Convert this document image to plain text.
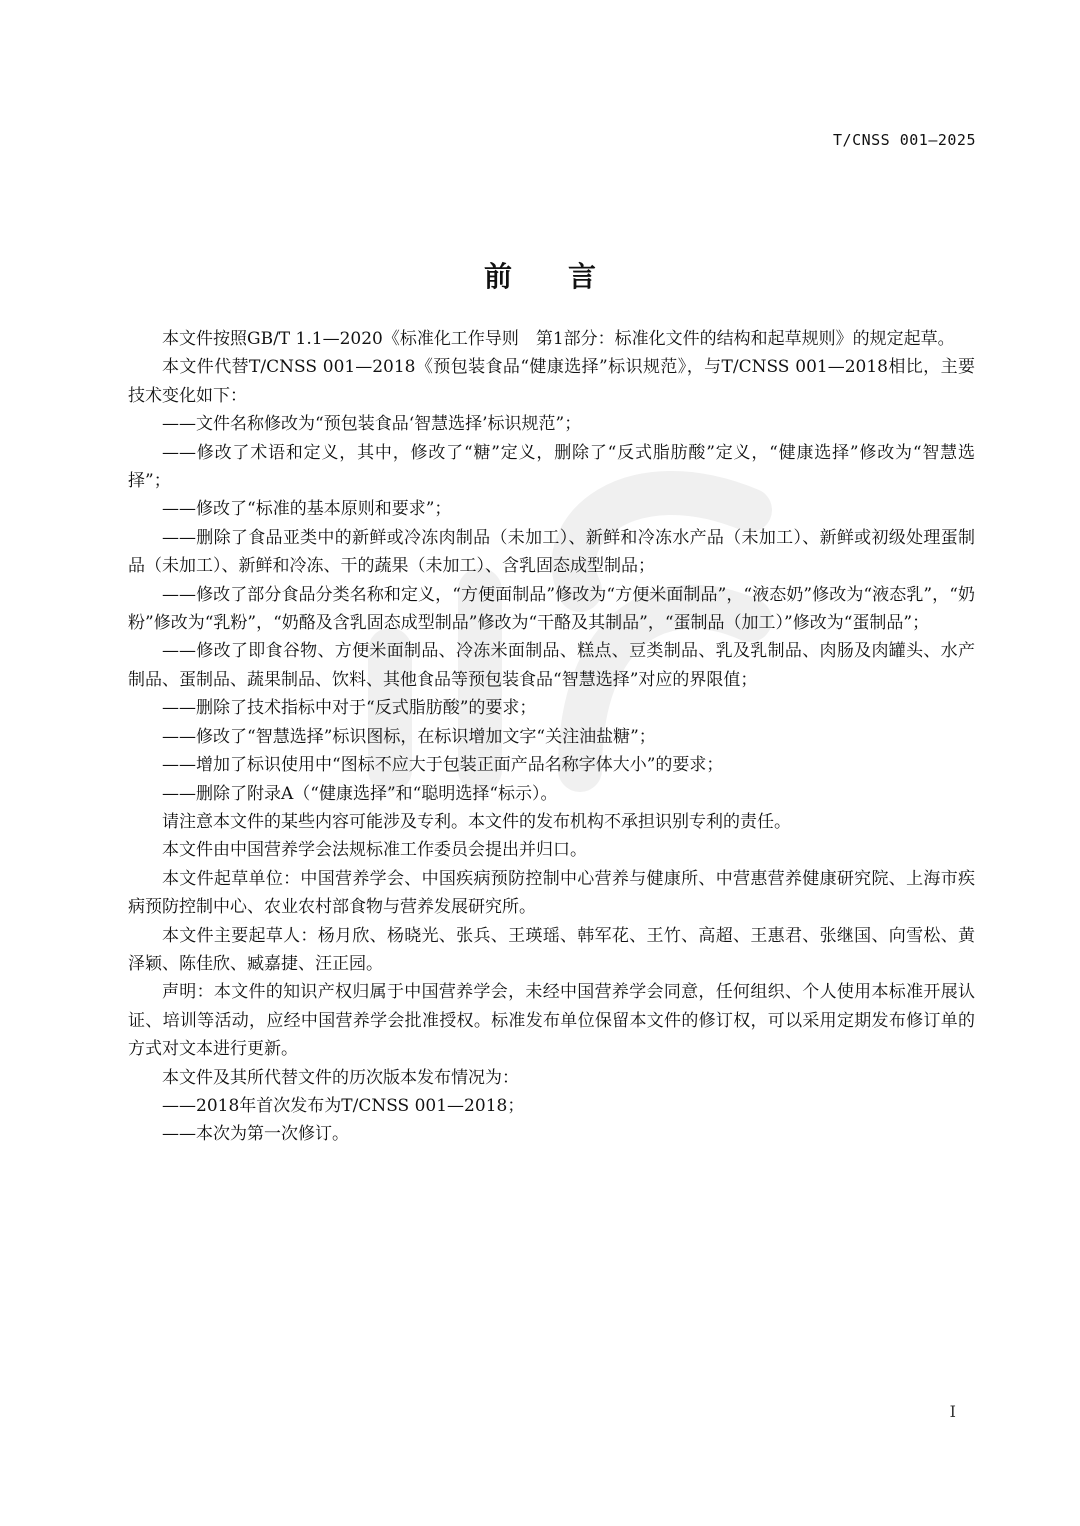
T/CNSS 001—2025
前言

本文件按照GB/T 1.1—2020《标准化工作导则　第1部分：标准化文件的结构和起草规则》的规定起草。

本文件代替T/CNSS 001—2018《预包装食品“健康选择”标识规范》，与T/CNSS 001—2018相比，主要技术变化如下：

——文件名称修改为“预包装食品‘智慧选择’标识规范”；

——修改了术语和定义，其中，修改了“糖”定义，删除了“反式脂肪酸”定义，“健康选择”修改为“智慧选择”；

——修改了“标准的基本原则和要求”；

——删除了食品亚类中的新鲜或冷冻肉制品（未加工）、新鲜和冷冻水产品（未加工）、新鲜或初级处理蛋制品（未加工）、新鲜和冷冻、干的蔬果（未加工）、含乳固态成型制品；

——修改了部分食品分类名称和定义，“方便面制品”修改为“方便米面制品”，“液态奶”修改为“液态乳”，“奶粉”修改为“乳粉”，“奶酪及含乳固态成型制品”修改为“干酪及其制品”，“蛋制品（加工）”修改为“蛋制品”；

——修改了即食谷物、方便米面制品、冷冻米面制品、糕点、豆类制品、乳及乳制品、肉肠及肉罐头、水产制品、蛋制品、蔬果制品、饮料、其他食品等预包装食品“智慧选择”对应的界限值；

——删除了技术指标中对于“反式脂肪酸”的要求；

——修改了“智慧选择”标识图标，在标识增加文字“关注油盐糖”；

——增加了标识使用中“图标不应大于包装正面产品名称字体大小”的要求；

——删除了附录A（“健康选择”和“聪明选择“标示）。

请注意本文件的某些内容可能涉及专利。本文件的发布机构不承担识别专利的责任。

本文件由中国营养学会法规标准工作委员会提出并归口。

本文件起草单位：中国营养学会、中国疾病预防控制中心营养与健康所、中营惠营养健康研究院、上海市疾病预防控制中心、农业农村部食物与营养发展研究所。

本文件主要起草人：杨月欣、杨晓光、张兵、王瑛瑶、韩军花、王竹、高超、王惠君、张继国、向雪松、黄泽颖、陈佳欣、臧嘉捷、汪正园。

声明：本文件的知识产权归属于中国营养学会，未经中国营养学会同意，任何组织、个人使用本标准开展认证、培训等活动，应经中国营养学会批准授权。标准发布单位保留本文件的修订权，可以采用定期发布修订单的方式对文本进行更新。

本文件及其所代替文件的历次版本发布情况为：

——2018年首次发布为T/CNSS 001—2018；

——本次为第一次修订。

I
